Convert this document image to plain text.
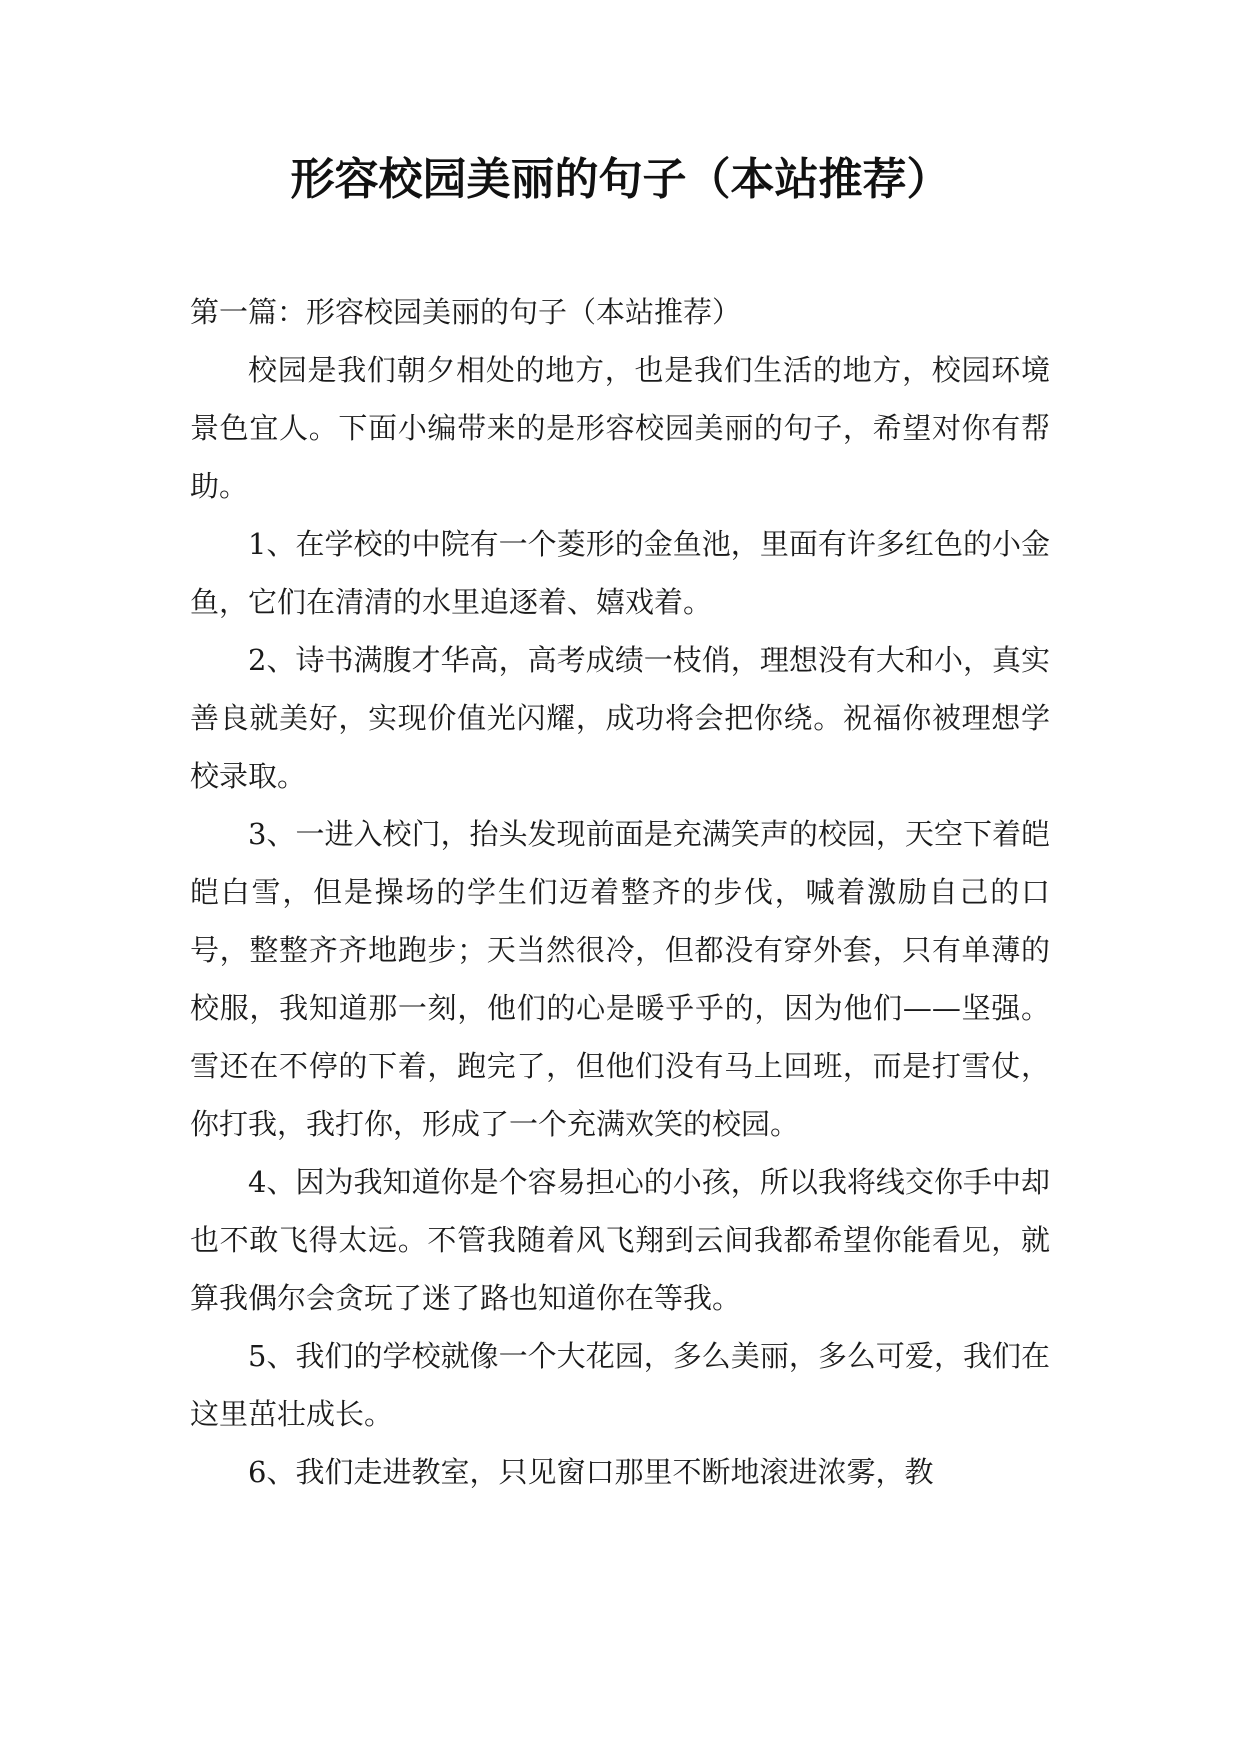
形容校园美丽的句子（本站推荐）

第一篇：形容校园美丽的句子（本站推荐）

校园是我们朝夕相处的地方，也是我们生活的地方，校园环境景色宜人。下面小编带来的是形容校园美丽的句子，希望对你有帮助。

1、在学校的中院有一个菱形的金鱼池，里面有许多红色的小金鱼，它们在清清的水里追逐着、嬉戏着。

2、诗书满腹才华高，高考成绩一枝俏，理想没有大和小，真实善良就美好，实现价值光闪耀，成功将会把你绕。祝福你被理想学校录取。

3、一进入校门，抬头发现前面是充满笑声的校园，天空下着皑皑白雪，但是操场的学生们迈着整齐的步伐，喊着激励自己的口号，整整齐齐地跑步；天当然很冷，但都没有穿外套，只有单薄的校服，我知道那一刻，他们的心是暖乎乎的，因为他们——坚强。雪还在不停的下着，跑完了，但他们没有马上回班，而是打雪仗，你打我，我打你，形成了一个充满欢笑的校园。

4、因为我知道你是个容易担心的小孩，所以我将线交你手中却也不敢飞得太远。不管我随着风飞翔到云间我都希望你能看见，就算我偶尔会贪玩了迷了路也知道你在等我。

5、我们的学校就像一个大花园，多么美丽，多么可爱，我们在这里茁壮成长。

6、我们走进教室，只见窗口那里不断地滚进浓雾，教
